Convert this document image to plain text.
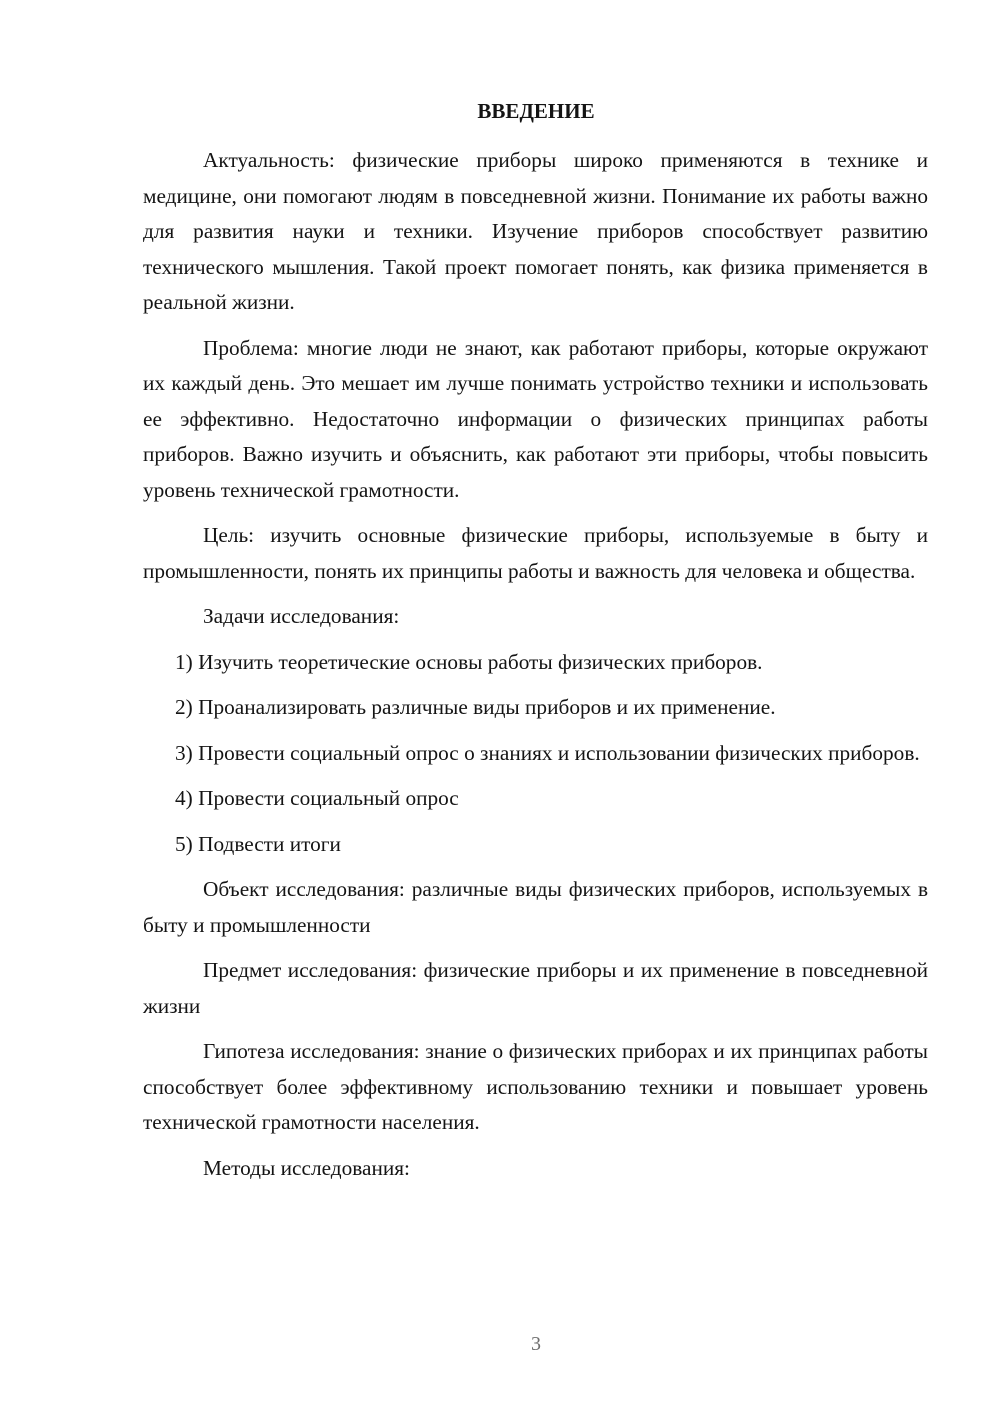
ВВЕДЕНИЕ

Актуальность: физические приборы широко применяются в технике и медицине, они помогают людям в повседневной жизни. Понимание их работы важно для развития науки и техники. Изучение приборов способствует развитию технического мышления. Такой проект помогает понять, как физика применяется в реальной жизни.

Проблема: многие люди не знают, как работают приборы, которые окружают их каждый день. Это мешает им лучше понимать устройство техники и использовать ее эффективно. Недостаточно информации о физических принципах работы приборов. Важно изучить и объяснить, как работают эти приборы, чтобы повысить уровень технической грамотности.

Цель: изучить основные физические приборы, используемые в быту и промышленности, понять их принципы работы и важность для человека и общества.

Задачи исследования:

1) Изучить теоретические основы работы физических приборов.

2) Проанализировать различные виды приборов и их применение.

3) Провести социальный опрос о знаниях и использовании физических приборов.

4) Провести социальный опрос

5) Подвести итоги

Объект исследования: различные виды физических приборов, используемых в быту и промышленности

Предмет исследования: физические приборы и их применение в повседневной жизни

Гипотеза исследования: знание о физических приборах и их принципах работы способствует более эффективному использованию техники и повышает уровень технической грамотности населения.

Методы исследования:

3
